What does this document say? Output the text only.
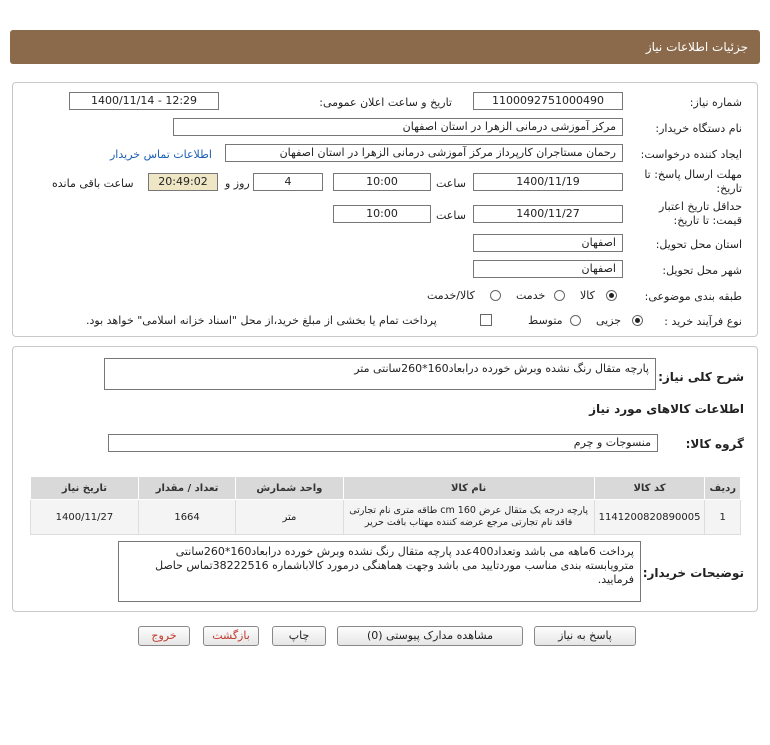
جزئیات اطلاعات نیاز
شماره نیاز:
1100092751000490
تاریخ و ساعت اعلان عمومی:
1400/11/14 - 12:29
نام دستگاه خریدار:
مرکز آموزشی درمانی الزهرا در استان اصفهان
ایجاد کننده درخواست:
رحمان مستاجران کارپرداز مرکز آموزشی درمانی الزهرا در استان اصفهان
اطلاعات تماس خریدار
مهلت ارسال پاسخ: تا
تاریخ:
1400/11/19
ساعت
10:00
4
روز و
20:49:02
ساعت باقی مانده
حداقل تاریخ اعتبار
قیمت: تا تاریخ:
1400/11/27
ساعت
10:00
استان محل تحویل:
اصفهان
شهر محل تحویل:
اصفهان
طبقه بندی موضوعی:
کالا
خدمت
کالا/خدمت
نوع فرآیند خرید :
جزیی
متوسط
پرداخت تمام یا بخشی از مبلغ خرید،از محل "اسناد خزانه اسلامی" خواهد بود.
شرح کلی نیاز:
پارچه متقال رنگ نشده وبرش خورده درابعاد160*260سانتی متر
اطلاعات کالاهای مورد نیاز
گروه کالا:
منسوجات و چرم
ردیف	کد کالا	نام کالا	واحد شمارش	تعداد / مقدار	تاریخ نیاز
1	1141200820890005	پارچه درجه یک متقال عرض cm 160 طاقه متری نام تجارتی فاقد نام تجارتی مرجع عرضه کننده مهتاب بافت حریر	متر	1664	1400/11/27
توضیحات خریدار:
پرداخت 6ماهه می باشد وتعداد400عدد پارچه متقال رنگ نشده وبرش خورده درابعاد160*260سانتی مترویابسته بندی مناسب موردتایید می باشد وجهت هماهنگی درمورد کالاباشماره 38222516تماس حاصل فرمایید.
پاسخ به نیاز
مشاهده مدارک پیوستی (0)
چاپ
بازگشت
خروج
